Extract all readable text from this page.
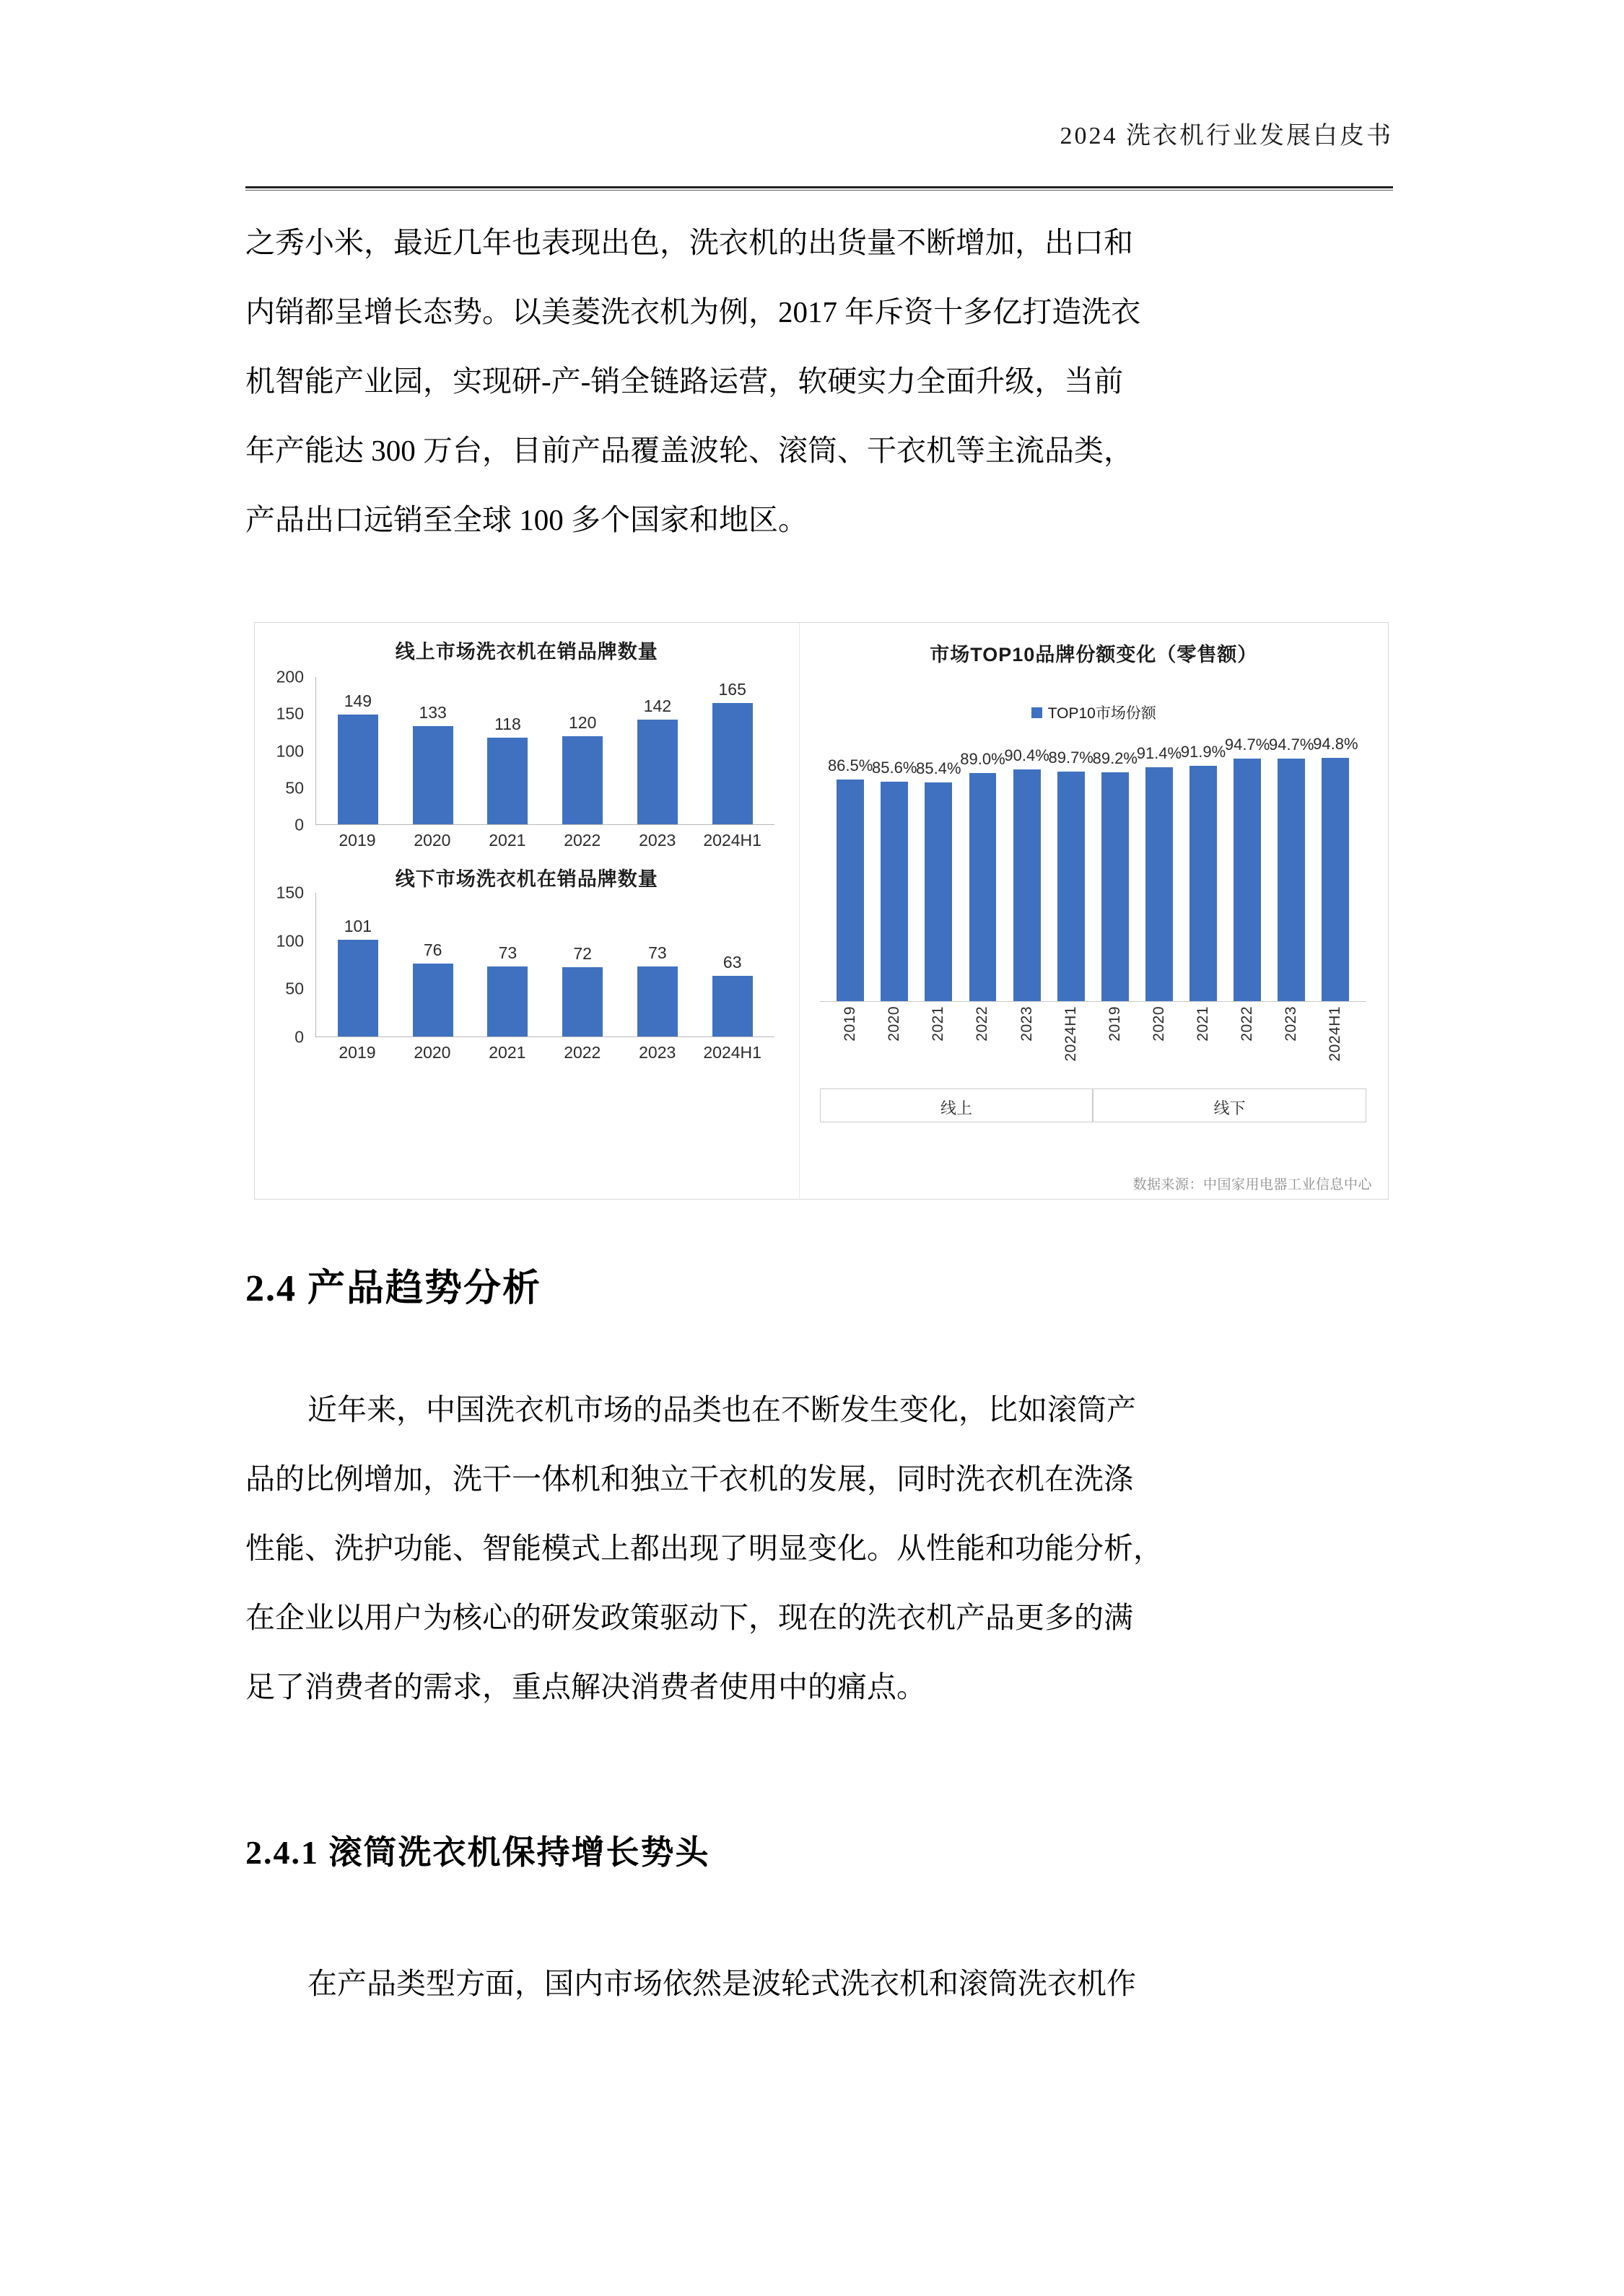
2024 洗衣机行业发展白皮书
之秀小米，最近几年也表现出色，洗衣机的出货量不断增加，出口和
内销都呈增长态势。以美菱洗衣机为例，2017 年斥资十多亿打造洗衣
机智能产业园，实现研-产-销全链路运营，软硬实力全面升级，当前
年产能达 300 万台，目前产品覆盖波轮、滚筒、干衣机等主流品类，
产品出口远销至全球 100 多个国家和地区。
线上市场洗衣机在销品牌数量
200
150
100
50
0
149
133
118	120
142
165
2019	2020	2021	2022	2023	2024H1
线下市场洗衣机在销品牌数量
150
100
50
0
101
76	73	72	73
63
2019	2020	2021	2022	2023	2024H1
市场TOP10品牌份额变化（零售额）
TOP10市场份额
86.5%
85.6%
85.4%
89.0%
90.4%
89.7%
89.2%
91.4%
91.9%
94.7%
94.7%
94.8%
2019 2020 2021 2022 2023 2024H1 2019 2020 2021 2022 2023 2024H1
线上	线下
数据来源：中国家用电器工业信息中心
2.4 产品趋势分析
近年来，中国洗衣机市场的品类也在不断发生变化，比如滚筒产
品的比例增加，洗干一体机和独立干衣机的发展，同时洗衣机在洗涤
性能、洗护功能、智能模式上都出现了明显变化。从性能和功能分析，
在企业以用户为核心的研发政策驱动下，现在的洗衣机产品更多的满
足了消费者的需求，重点解决消费者使用中的痛点。
2.4.1 滚筒洗衣机保持增长势头
在产品类型方面，国内市场依然是波轮式洗衣机和滚筒洗衣机作
